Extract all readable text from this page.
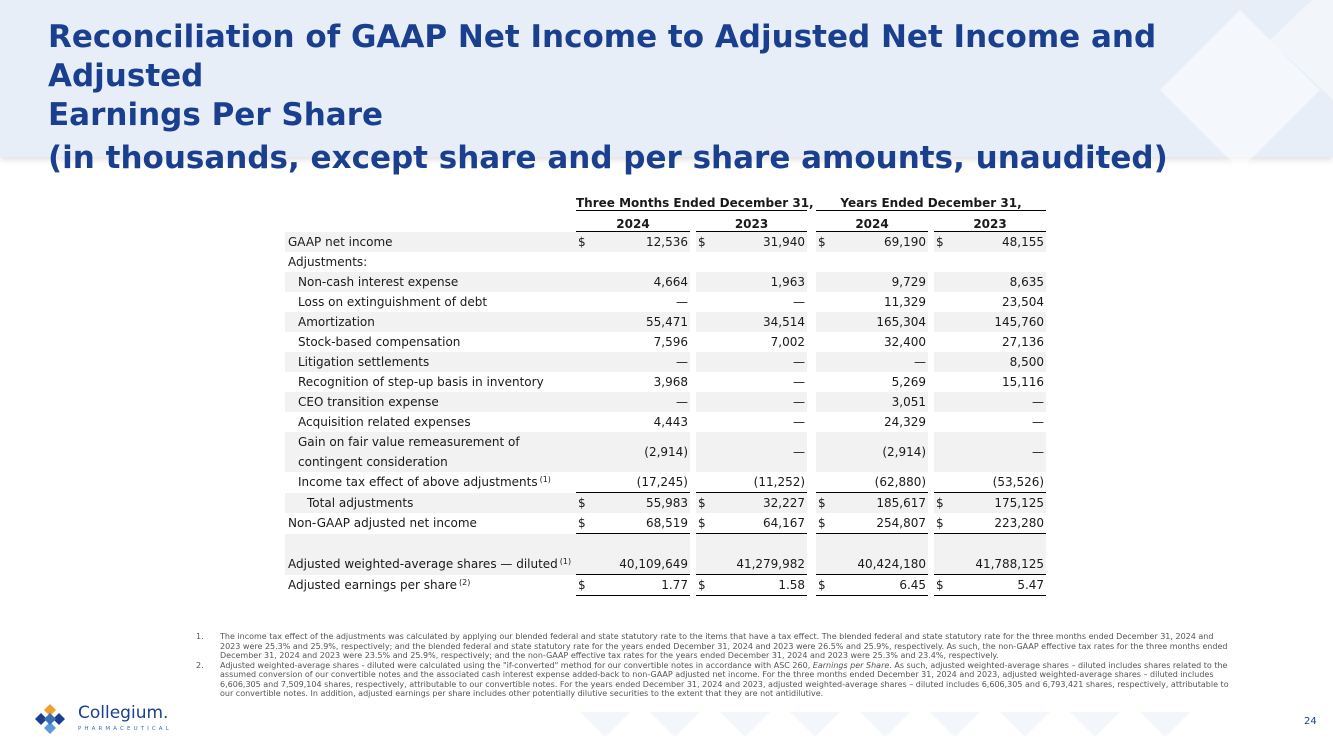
Reconciliation of GAAP Net Income to Adjusted Net Income and Adjusted
Earnings Per Share
(in thousands, except share and per share amounts, unaudited)
	Three Months Ended December 31,						Years Ended December 31,				
	2024			2023			2024			2023	
GAAP net income	$	12,536		$	31,940		$	69,190		$	48,155
Adjustments:											
Non-cash interest expense		4,664			1,963			9,729			8,635
Loss on extinguishment of debt		—			—			11,329			23,504
Amortization		55,471			34,514			165,304			145,760
Stock-based compensation		7,596			7,002			32,400			27,136
Litigation settlements		—			—			—			8,500
Recognition of step-up basis in inventory		3,968			—			5,269			15,116
CEO transition expense		—			—			3,051			—
Acquisition related expenses		4,443			—			24,329			—
Gain on fair value remeasurement of contingent consideration		(2,914)			—			(2,914)			—
Income tax effect of above adjustments $^{(1)}$		(17,245)			(11,252)			(62,880)			(53,526)
Total adjustments	$	55,983		$	32,227		$	185,617		$	175,125
Non-GAAP adjusted net income	$	68,519		$	64,167		$	254,807		$	223,280

Adjusted weighted-average shares — diluted $^{(1)}$		40,109,649			41,279,982			40,424,180			41,788,125
Adjusted earnings per share $^{(2)}$	$	1.77		$	1.58		$	6.45		$	5.47
1. The income tax effect of the adjustments was calculated by applying our blended federal and state statutory rate to the items that have a tax effect. The blended federal and state statutory rate for the three months ended December 31, 2024 and 2023 were 25.3% and 25.9%, respectively; and the blended federal and state statutory rate for the years ended December 31, 2024 and 2023 were 26.5% and 25.9%, respectively. As such, the non-GAAP effective tax rates for the three months ended December 31, 2024 and 2023 were 23.5% and 25.9%, respectively; and the non-GAAP effective tax rates for the years ended December 31, 2024 and 2023 were 25.3% and 23.4%, respectively.
2. Adjusted weighted-average shares - diluted were calculated using the "if-converted" method for our convertible notes in accordance with ASC 260, Earnings per Share. As such, adjusted weighted-average shares – diluted includes shares related to the assumed conversion of our convertible notes and the associated cash interest expense added-back to non-GAAP adjusted net income. For the three months ended December 31, 2024 and 2023, adjusted weighted-average shares – diluted includes 6,606,305 and 7,509,104 shares, respectively, attributable to our convertible notes. For the years ended December 31, 2024 and 2023, adjusted weighted-average shares – diluted includes 6,606,305 and 6,793,421 shares, respectively, attributable to our convertible notes. In addition, adjusted earnings per share includes other potentially dilutive securities to the extent that they are not antidilutive.
Collegium.
PHARMACEUTICAL
24
